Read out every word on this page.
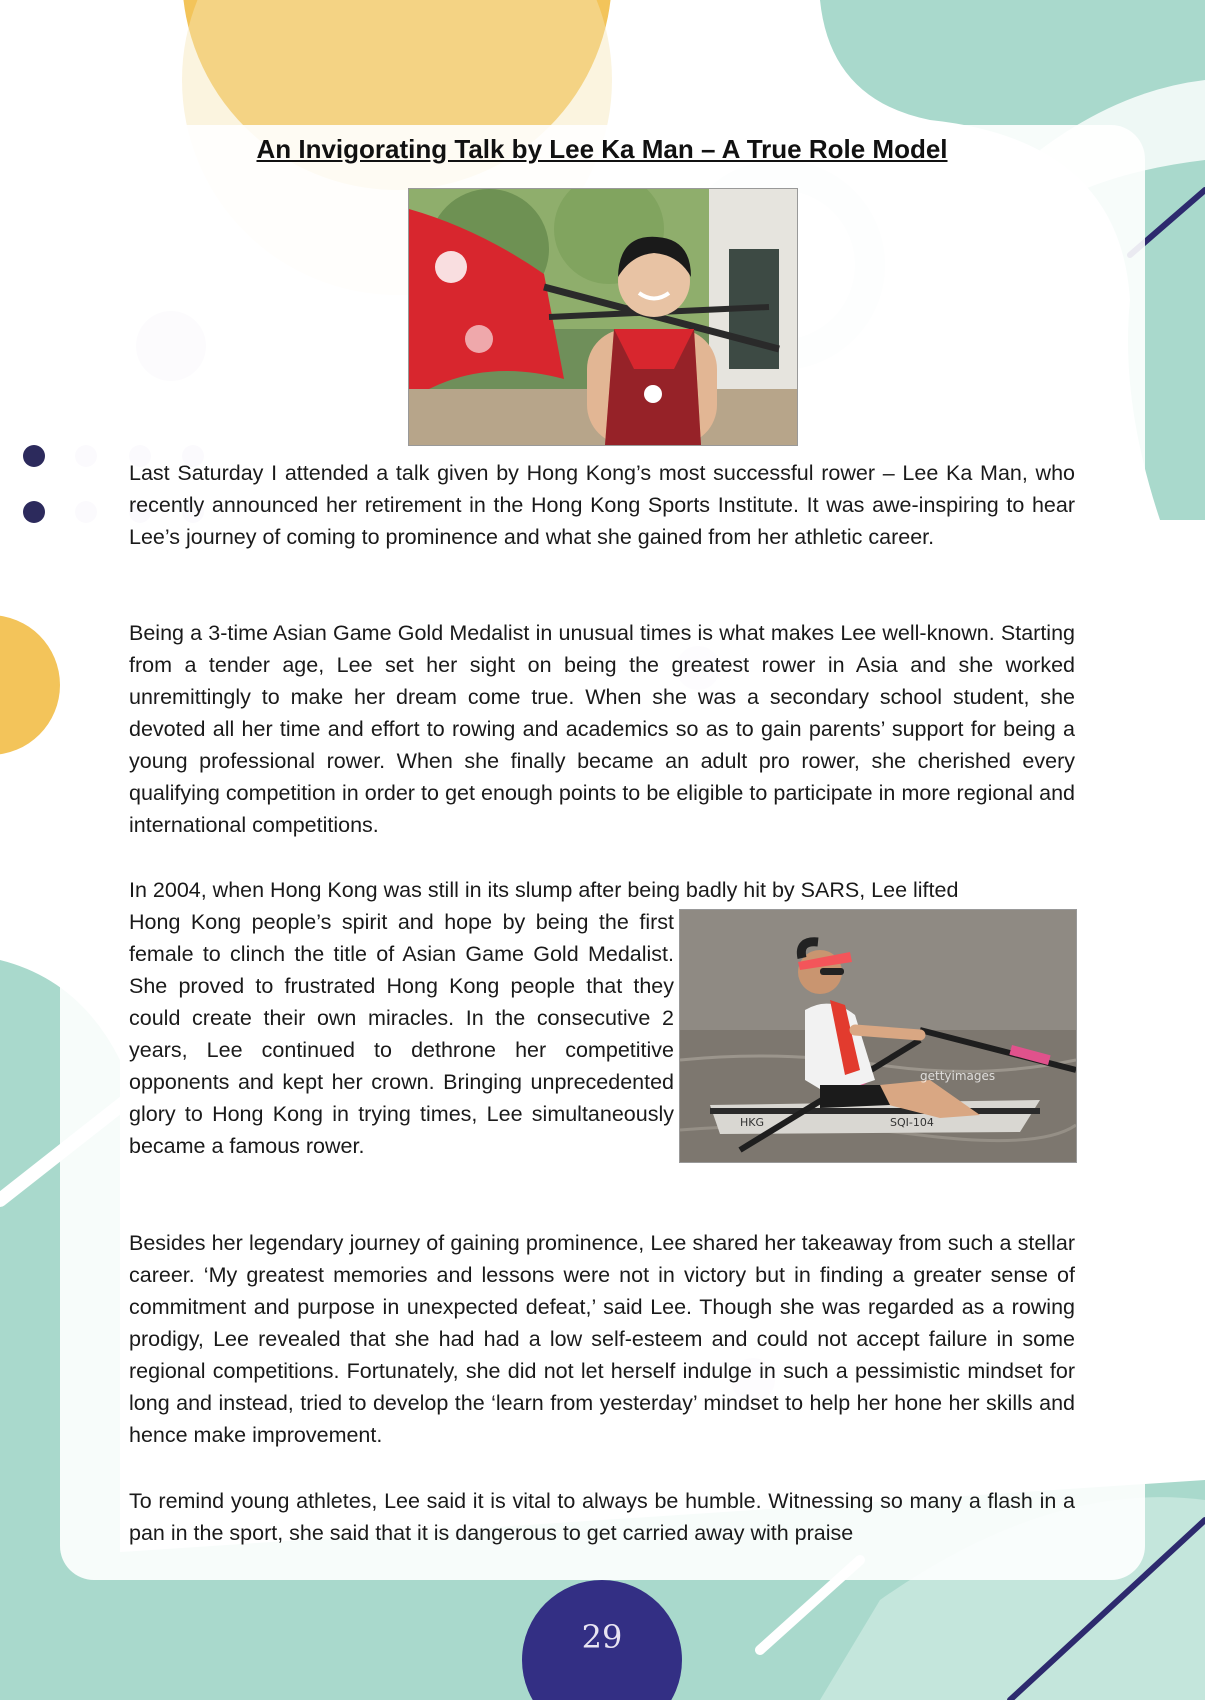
An Invigorating Talk by Lee Ka Man – A True Role Model

Last Saturday I attended a talk given by Hong Kong’s most successful rower – Lee Ka Man, who recently announced her retirement in the Hong Kong Sports Institute. It was awe-inspiring to hear Lee’s journey of coming to prominence and what she gained from her athletic career.

Being a 3-time Asian Game Gold Medalist in unusual times is what makes Lee well-known. Starting from a tender age, Lee set her sight on being the greatest rower in Asia and she worked unremittingly to make her dream come true. When she was a secondary school student, she devoted all her time and effort to rowing and academics so as to gain parents’ support for being a young professional rower. When she finally became an adult pro rower, she cherished every qualifying competition in order to get enough points to be eligible to participate in more regional and international competitions.

In 2004, when Hong Kong was still in its slump after being badly hit by SARS, Lee lifted

Hong Kong people’s spirit and hope by being the first female to clinch the title of Asian Game Gold Medalist. She proved to frustrated Hong Kong people that they could create their own miracles. In the consecutive 2 years, Lee continued to dethrone her competitive opponents and kept her crown. Bringing unprecedented glory to Hong Kong in trying times, Lee simultaneously became a famous rower.

gettyimages
HKG	SQI-104

Besides her legendary journey of gaining prominence, Lee shared her takeaway from such a stellar career. ‘My greatest memories and lessons were not in victory but in finding a greater sense of commitment and purpose in unexpected defeat,’ said Lee. Though she was regarded as a rowing prodigy, Lee revealed that she had had a low self-esteem and could not accept failure in some regional competitions. Fortunately, she did not let herself indulge in such a pessimistic mindset for long and instead, tried to develop the ‘learn from yesterday’ mindset to help her hone her skills and hence make improvement.

To remind young athletes, Lee said it is vital to always be humble. Witnessing so many a flash in a pan in the sport, she said that it is dangerous to get carried away with praise

29
